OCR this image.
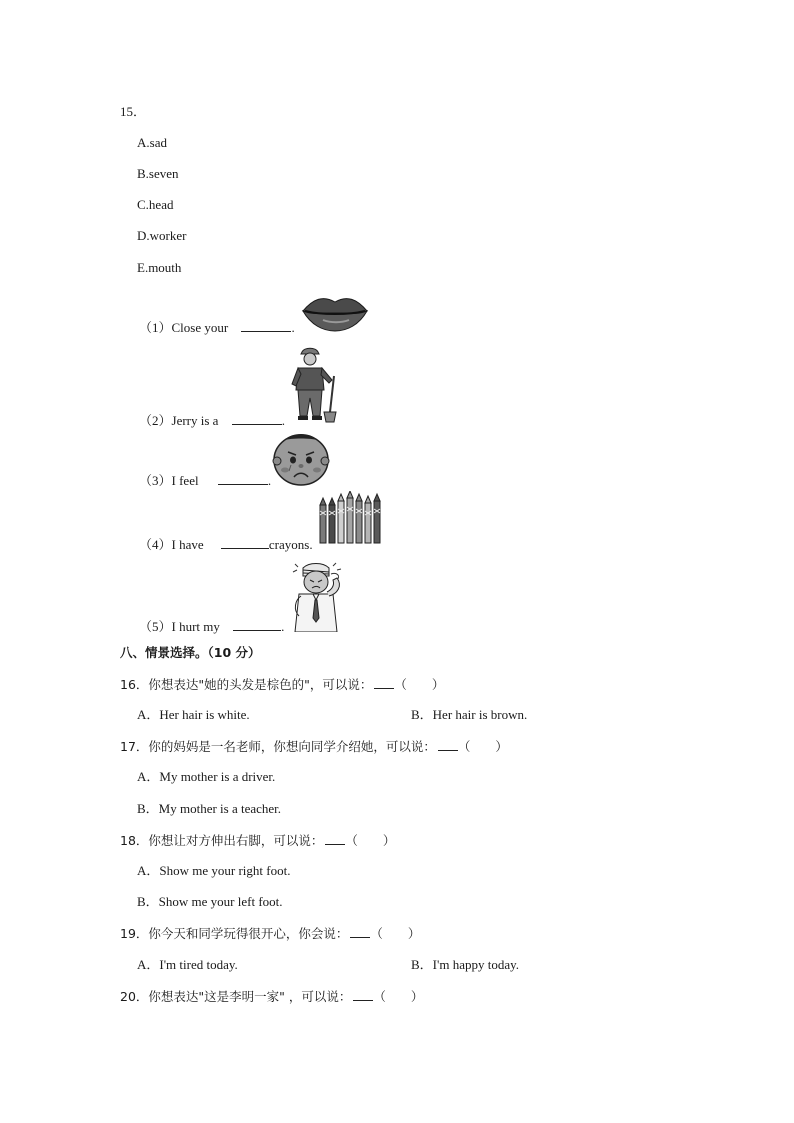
15．
A.sad
B.seven
C.head
D.worker
E.mouth
（1）Close your	.
（2）Jerry is a	.
（3）I feel	.
（4）I have	crayons.
（5）I hurt my	.
八、情景选择。（10 分）
16．你想表达"她的头发是棕色的"，可以说： （　　）
A．Her hair is white.	B．Her hair is brown.
17．你的妈妈是一名老师，你想向同学介绍她，可以说： （　　）
A．My mother is a driver.
B．My mother is a teacher.
18．你想让对方伸出右脚，可以说： （　　）
A．Show me your right foot.
B．Show me your left foot.
19．你今天和同学玩得很开心，你会说： （　　）
A．I'm tired today.	B．I'm happy today.
20．你想表达"这是李明一家" ，可以说： （　　）
